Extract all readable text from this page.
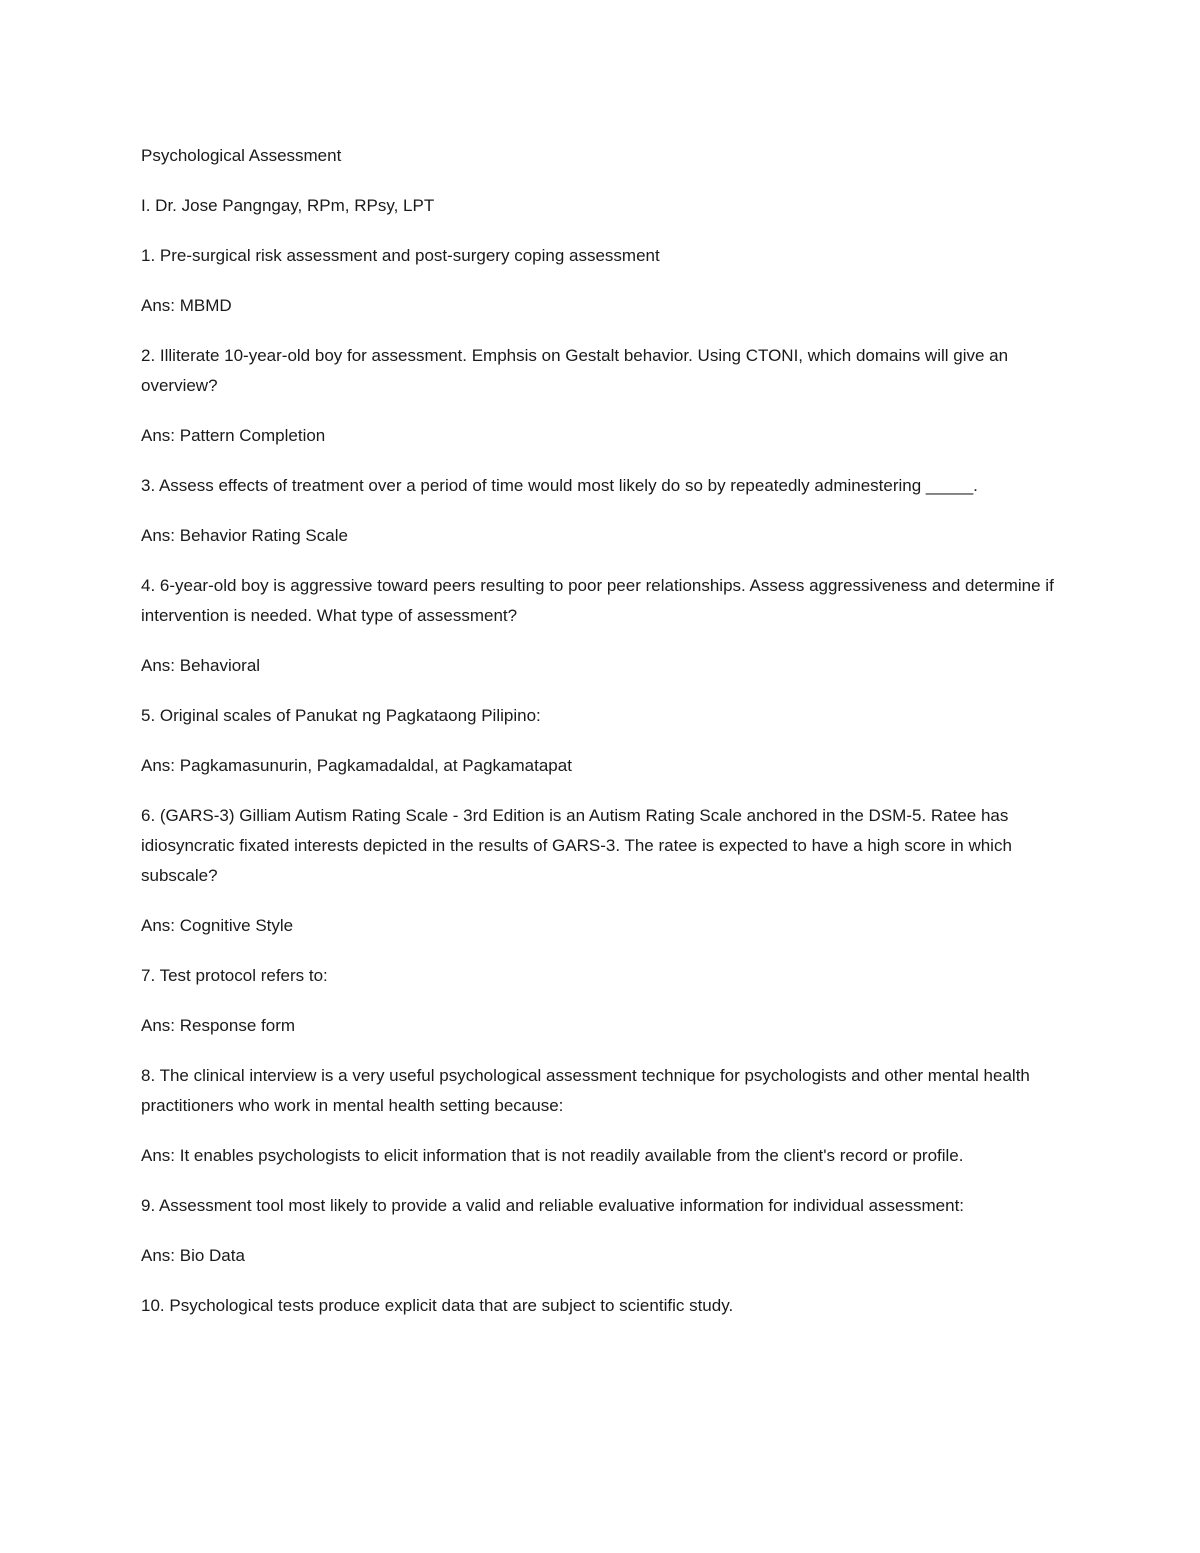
Psychological Assessment

I. Dr. Jose Pangngay, RPm, RPsy, LPT

1. Pre-surgical risk assessment and post-surgery coping assessment

Ans: MBMD

2. Illiterate 10-year-old boy for assessment. Emphsis on Gestalt behavior. Using CTONI, which domains will give an overview?

Ans: Pattern Completion

3. Assess effects of treatment over a period of time would most likely do so by repeatedly adminestering _____.

Ans: Behavior Rating Scale

4. 6-year-old boy is aggressive toward peers resulting to poor peer relationships. Assess aggressiveness and determine if intervention is needed. What type of assessment?

Ans: Behavioral

5. Original scales of Panukat ng Pagkataong Pilipino:

Ans: Pagkamasunurin, Pagkamadaldal, at Pagkamatapat

6. (GARS-3) Gilliam Autism Rating Scale - 3rd Edition is an Autism Rating Scale anchored in the DSM-5. Ratee has idiosyncratic fixated interests depicted in the results of GARS-3. The ratee is expected to have a high score in which subscale?

Ans: Cognitive Style

7. Test protocol refers to:

Ans: Response form

8. The clinical interview is a very useful psychological assessment technique for psychologists and other mental health practitioners who work in mental health setting because:

Ans: It enables psychologists to elicit information that is not readily available from the client's record or profile.

9. Assessment tool most likely to provide a valid and reliable evaluative information for individual assessment:

Ans: Bio Data

10. Psychological tests produce explicit data that are subject to scientific study.
